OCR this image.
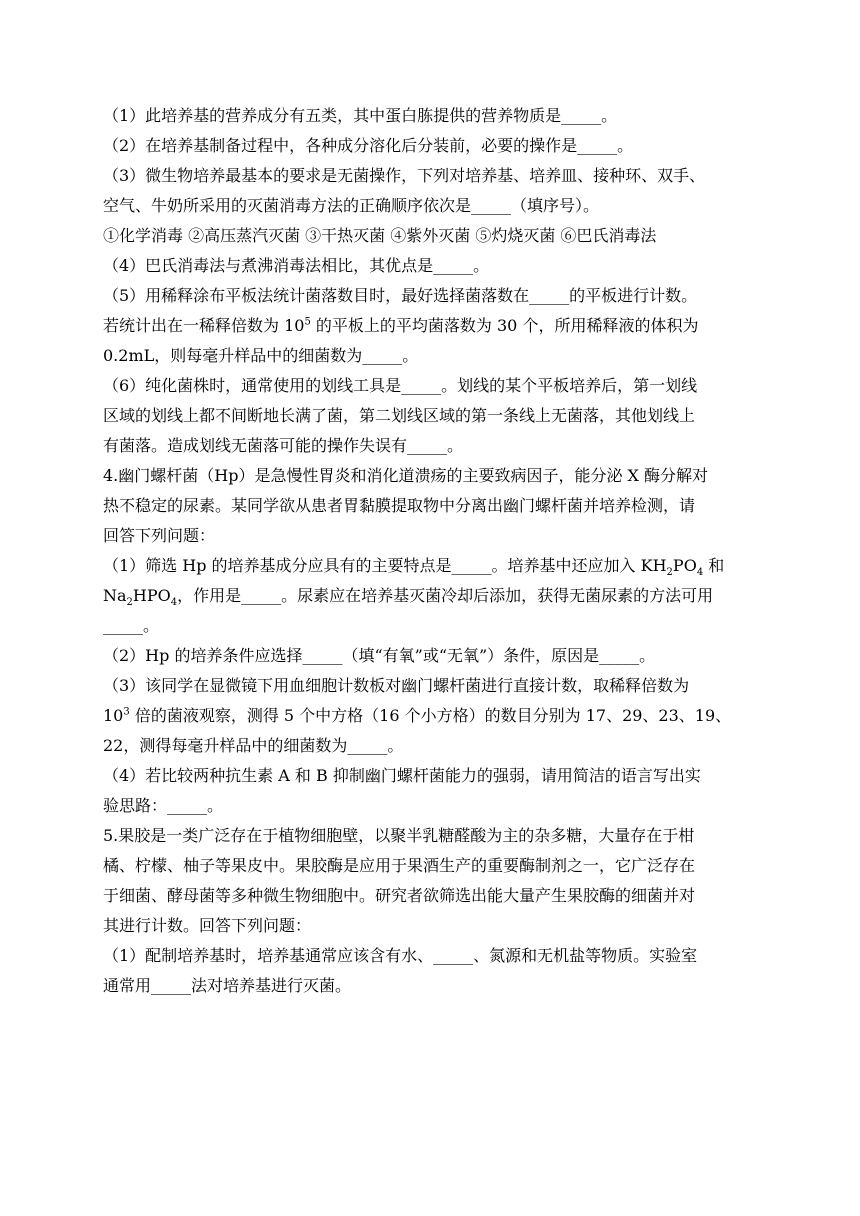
（1）此培养基的营养成分有五类，其中蛋白胨提供的营养物质是_____。
（2）在培养基制备过程中，各种成分溶化后分装前，必要的操作是_____。
（3）微生物培养最基本的要求是无菌操作，下列对培养基、培养皿、接种环、双手、
空气、牛奶所采用的灭菌消毒方法的正确顺序依次是_____（填序号）。
①化学消毒 ②高压蒸汽灭菌 ③干热灭菌 ④紫外灭菌 ⑤灼烧灭菌 ⑥巴氏消毒法
（4）巴氏消毒法与煮沸消毒法相比，其优点是_____。
（5）用稀释涂布平板法统计菌落数目时，最好选择菌落数在_____的平板进行计数。
若统计出在一稀释倍数为 $10^5$ 的平板上的平均菌落数为 30 个，所用稀释液的体积为
0.2mL，则每毫升样品中的细菌数为_____。
（6）纯化菌株时，通常使用的划线工具是_____。划线的某个平板培养后，第一划线
区域的划线上都不间断地长满了菌，第二划线区域的第一条线上无菌落，其他划线上
有菌落。造成划线无菌落可能的操作失误有_____。
4.幽门螺杆菌（Hp）是急慢性胃炎和消化道溃疡的主要致病因子，能分泌 X 酶分解对
热不稳定的尿素。某同学欲从患者胃黏膜提取物中分离出幽门螺杆菌并培养检测，请
回答下列问题：
（1）筛选 Hp 的培养基成分应具有的主要特点是_____。培养基中还应加入 $KH_2PO_4$ 和
$Na_2HPO_4$，作用是_____。尿素应在培养基灭菌冷却后添加，获得无菌尿素的方法可用
_____。
（2）Hp 的培养条件应选择_____（填“有氧”或“无氧”）条件，原因是_____。
（3）该同学在显微镜下用血细胞计数板对幽门螺杆菌进行直接计数，取稀释倍数为
$10^3$ 倍的菌液观察，测得 5 个中方格（16 个小方格）的数目分别为 17、29、23、19、
22，测得每毫升样品中的细菌数为_____。
（4）若比较两种抗生素 A 和 B 抑制幽门螺杆菌能力的强弱，请用简洁的语言写出实
验思路：_____。
5.果胶是一类广泛存在于植物细胞壁，以聚半乳糖醛酸为主的杂多糖，大量存在于柑
橘、柠檬、柚子等果皮中。果胶酶是应用于果酒生产的重要酶制剂之一，它广泛存在
于细菌、酵母菌等多种微生物细胞中。研究者欲筛选出能大量产生果胶酶的细菌并对
其进行计数。回答下列问题：
（1）配制培养基时，培养基通常应该含有水、_____、氮源和无机盐等物质。实验室
通常用_____法对培养基进行灭菌。
